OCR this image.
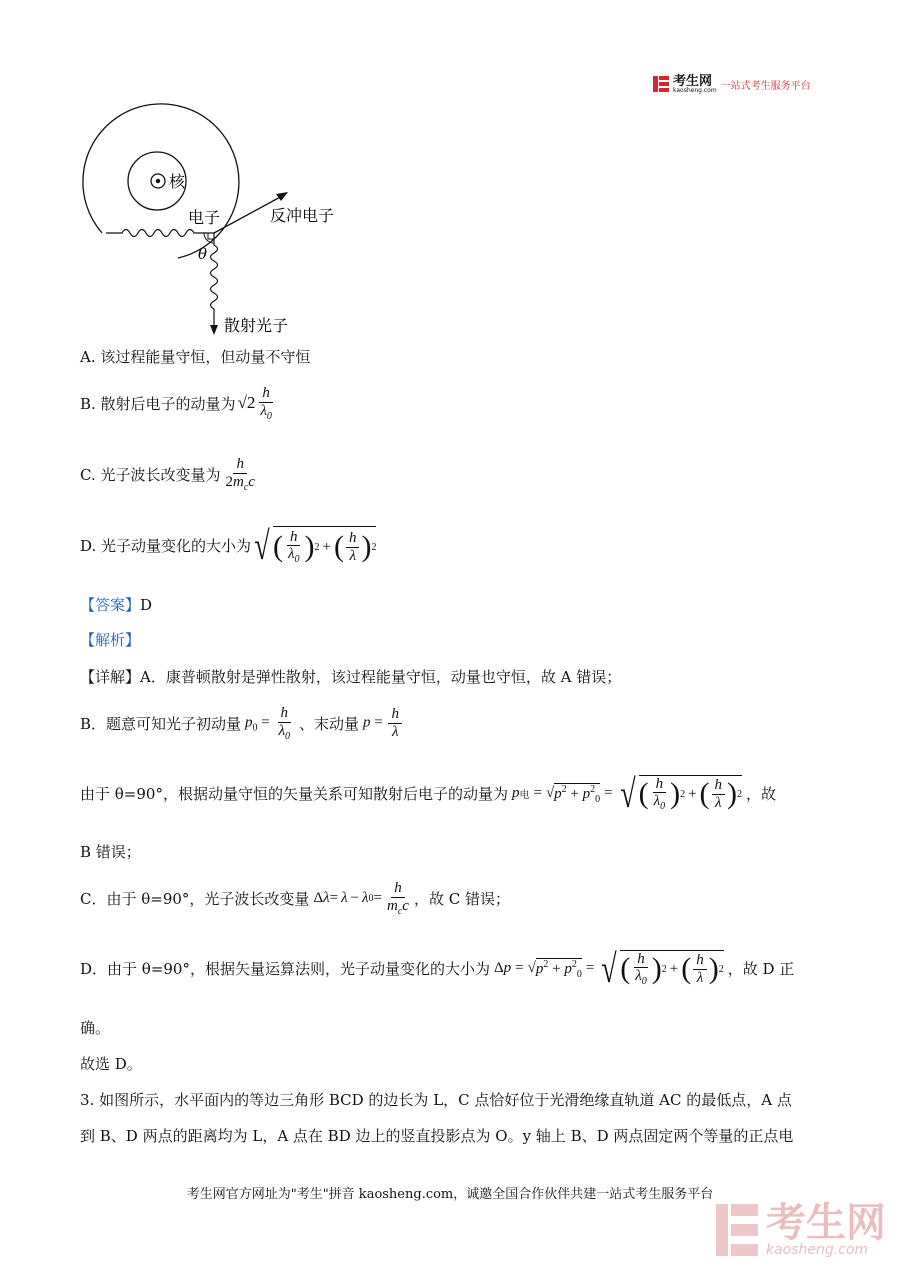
考生网
kaosheng.com 一站式考生服务平台
核
电子	反冲电子
θ
散射光子
A. 该过程能量守恒，但动量不守恒
B. 散射后电子的动量为 $√2 \frac{h}{\lambda_0}$
C. 光子波长改变量为 $\frac{h}{2m_cc}$
D. 光子动量变化的大小为 √ ( $\frac{h}{\lambda_0}$ ) 2 + ( $\frac{h}{\lambda}$ ) 2
【答案】D
【解析】
【详解】A．康普顿散射是弹性散射，该过程能量守恒，动量也守恒，故 A 错误；
B．题意可知光子初动量 $p_0 = \frac{h}{\lambda_0}$ 、末动量 $p = \frac{h}{\lambda}$
由于 θ=90°，根据动量守恒的矢量关系可知散射后电子的动量为 p 电 = √ $p^2 + p^2_0$ = √ ( $\frac{h}{\lambda_0}$ ) 2 + ( $\frac{h}{\lambda}$ ) 2 ，故
B 错误；
C．由于 θ=90°，光子波长改变量 Δ λ = λ − λ $0 = \frac{h}{m_cc}$ ，故 C 错误；
D．由于 θ=90°，根据矢量运算法则，光子动量变化的大小为 Δ p = √ $p^2 + p^2_0$ = √ ( $\frac{h}{\lambda_0}$ ) 2 + ( $\frac{h}{\lambda}$ ) 2 ，故 D 正
确。
故选 D。
3. 如图所示，水平面内的等边三角形 BCD 的边长为 L，C 点恰好位于光滑绝缘直轨道 AC 的最低点，A 点
到 B、D 两点的距离均为 L，A 点在 BD 边上的竖直投影点为 O。y 轴上 B、D 两点固定两个等量的正点电
考生网官方网址为"考生"拼音 kaosheng.com，诚邀全国合作伙伴共建一站式考生服务平台
考生网
kaosheng.com
